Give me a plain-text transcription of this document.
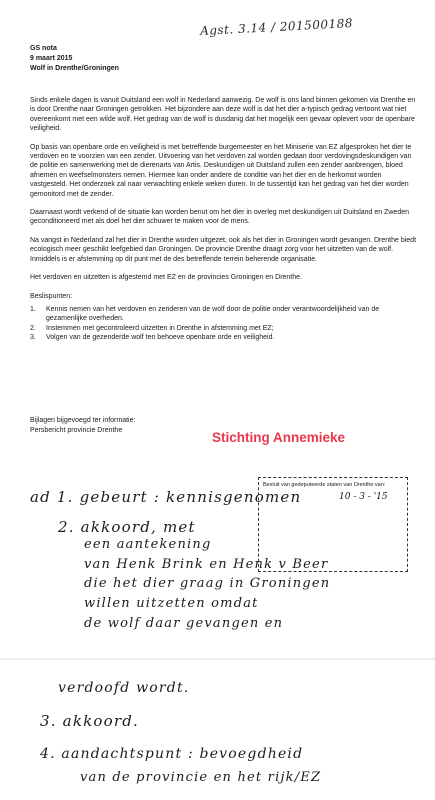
Agst. 3.14 / 201500188
GS nota
9 maart 2015
Wolf in Drenthe/Groningen

Sinds enkele dagen is vanuit Duitsland een wolf in Nederland aanwezig. De wolf is ons land binnen gekomen via Drenthe en is door Drenthe naar Groningen getrokken. Het bijzondere aan deze wolf is dat het dier a-typisch gedrag vertoont wat niet overeenkomt met een wilde wolf. Het gedrag van de wolf is dusdanig dat het mogelijk een gevaar oplevert voor de openbare veiligheid.

Op basis van openbare orde en veiligheid is met betreffende burgemeester en het Miniserie van EZ afgesproken het dier te verdoven en te voorzien van een zender. Uitvoering van het verdoven zal worden gedaan door verdovingsdeskundigen van de politie en samenwerking met de dierenarts van Artis. Deskundigen uit Duitsland zullen een zender aanbrengen, bloed afnemen en weefselmonsters nemen. Hiermee kan onder andere de conditie van het dier en de herkomst worden vastgesteld. Het onderzoek zal naar verwachting enkele weken duren. In de tussentijd kan het gedrag van het dier worden gemonitord met de zender.

Daarnaast wordt verkend of de situatie kan worden benut om het dier in overleg met deskundigen uit Duitsland en Zweden geconditioneerd met als doel het dier schuwer te maken voor de mens.

Na vangst in Nederland zal het dier in Drenthe worden uitgezet, ook als het dier in Groningen wordt gevangen. Drenthe biedt ecologisch meer geschikt leefgebied dan Groningen. De provincie Drenthe draagt zorg voor het uitzetten van de wolf. Inmiddels is er afstemming op dit punt met de des betreffende terrein beherende organisatie.

Het verdoven en uitzetten is afgestemd met EZ en de provincies Groningen en Drenthe.

Beslispunten:
1.	Kennis nemen van het verdoven en zenderen van de wolf door de politie onder verantwoordelijkheid van de gezamenlijke overheden.
2.	Instemmen met gecontroleerd uitzetten in Drenthe in afstemming met EZ;
3.	Volgen van de gezenderde wolf ten behoeve openbare orde en veiligheid.
Bijlagen bijgevoegd ter informatie:
Persbericht provincie Drenthe	Stichting Annemieke
Besluit van gedeputeerde staten van Drenthe van:
10 - 3 - '15
ad 1. gebeurt : kennisgenomen
2. akkoord, met
een aantekening
van Henk Brink en Henk v Beer
die het dier graag in Groningen
willen uitzetten omdat
de wolf daar gevangen en
verdoofd wordt.
3. akkoord.
4. aandachtspunt : bevoegdheid
van de provincie en het rijk/EZ
